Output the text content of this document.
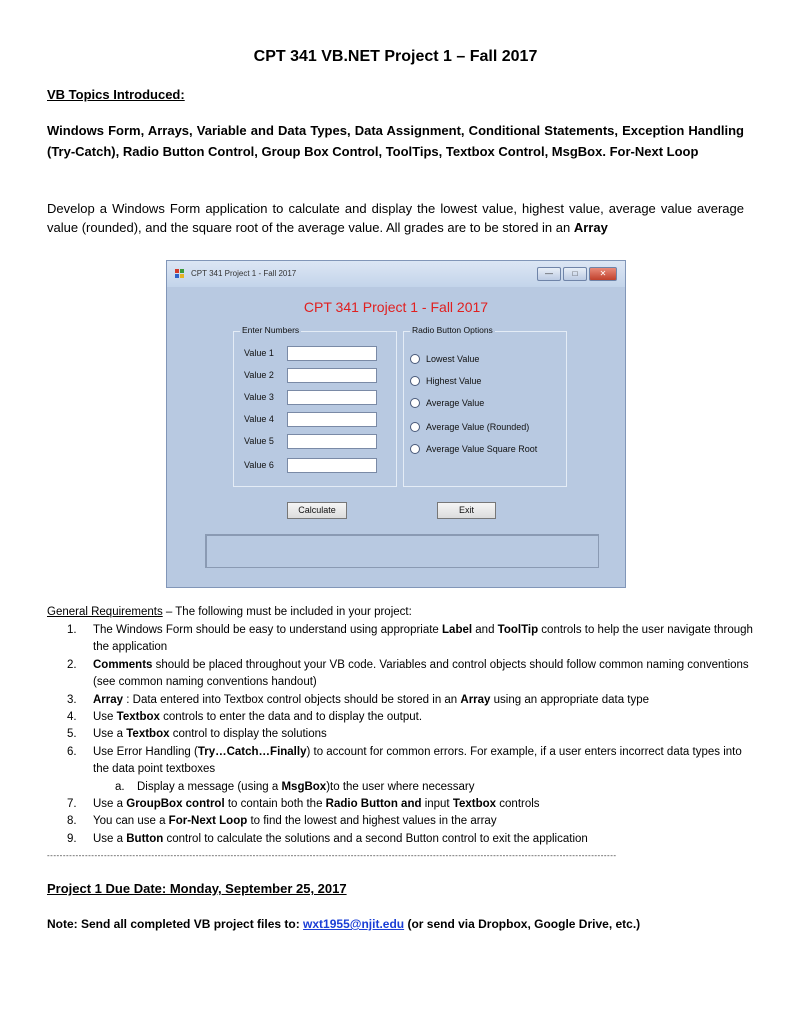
CPT 341 VB.NET Project 1 – Fall 2017
VB Topics Introduced:
Windows Form, Arrays, Variable and Data Types, Data Assignment, Conditional Statements, Exception Handling (Try-Catch), Radio Button Control, Group Box Control, ToolTips, Textbox Control, MsgBox. For-Next Loop
Develop a Windows Form application to calculate and display the lowest value, highest value, average value average value (rounded), and the square root of the average value. All grades are to be stored in an Array
CPT 341 Project 1 - Fall 2017	—	□	✕
CPT 341 Project 1 - Fall 2017
Enter Numbers
Value 1
Value 2
Value 3
Value 4
Value 5
Value 6
Radio Button Options
Lowest Value
Highest Value
Average Value
Average Value (Rounded)
Average Value Square Root
Calculate	Exit
General Requirements – The following must be included in your project:
1. The Windows Form should be easy to understand using appropriate Label and ToolTip controls to help the user navigate through the application
2. Comments should be placed throughout your VB code. Variables and control objects should follow common naming conventions (see common naming conventions handout)
3. Array : Data entered into Textbox control objects should be stored in an Array using an appropriate data type
4. Use Textbox controls to enter the data and to display the output.
5. Use a Textbox control to display the solutions
6. Use Error Handling (Try…Catch…Finally) to account for common errors. For example, if a user enters incorrect data types into the data point textboxes
a. Display a message (using a MsgBox)to the user where necessary
7. Use a GroupBox control to contain both the Radio Button and input Textbox controls
8. You can use a For-Next Loop to find the lowest and highest values in the array
9. Use a Button control to calculate the solutions and a second Button control to exit the application
------------------------------------------------------------------------------------------------------------------------------------------------------------------------------------
Project 1 Due Date: Monday, September 25, 2017
Note: Send all completed VB project files to: wxt1955@njit.edu (or send via Dropbox, Google Drive, etc.)
